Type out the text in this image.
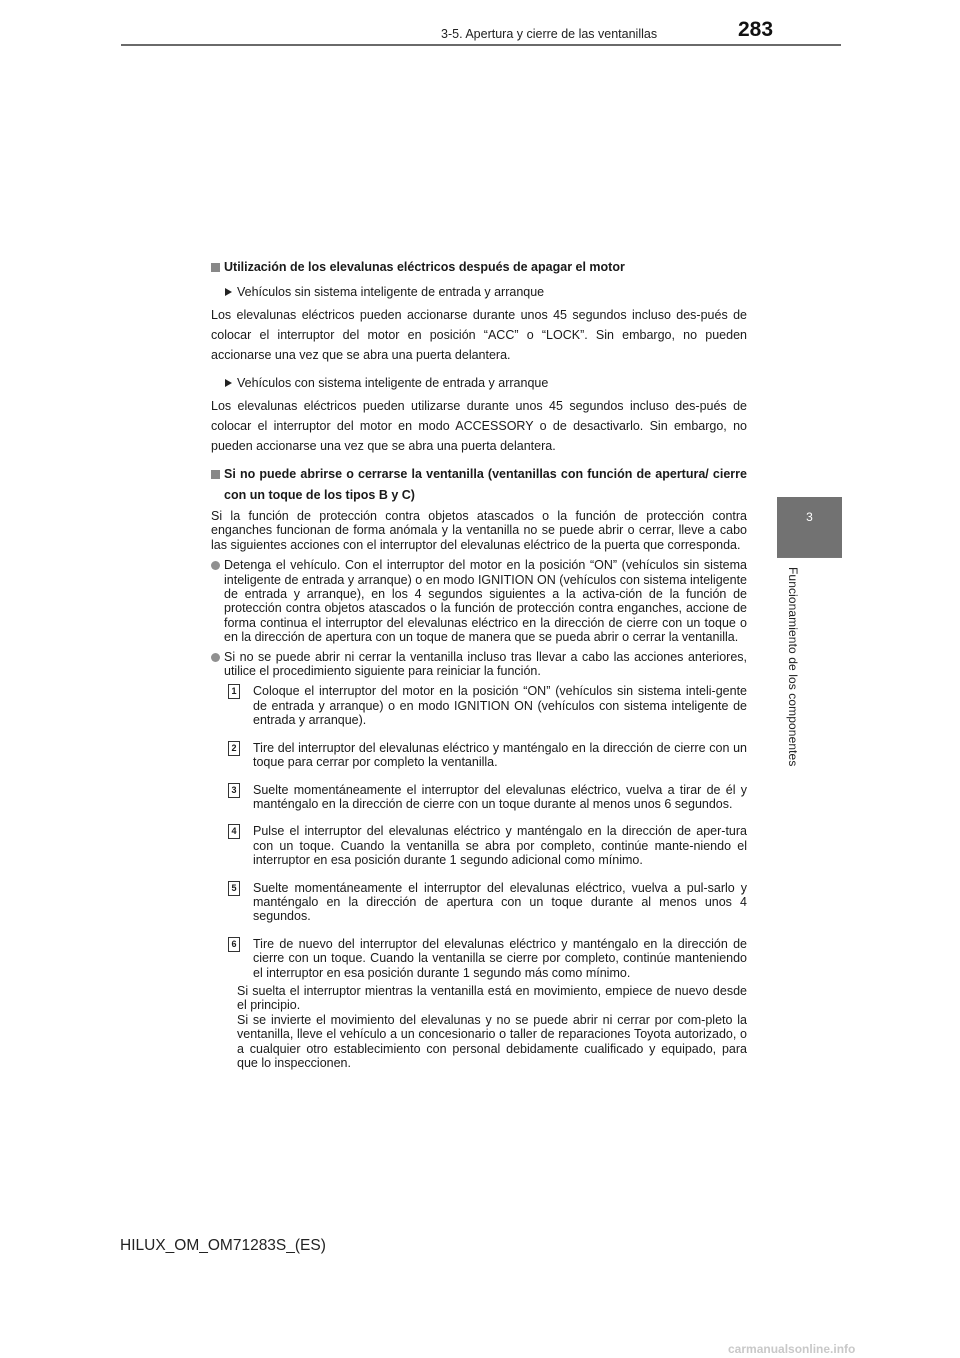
3-5. Apertura y cierre de las ventanillas	283
3
Funcionamiento de los componentes
Utilización de los elevalunas eléctricos después de apagar el motor
Vehículos sin sistema inteligente de entrada y arranque
Los elevalunas eléctricos pueden accionarse durante unos 45 segundos incluso des-pués de colocar el interruptor del motor en posición “ACC” o “LOCK”. Sin embargo, no pueden accionarse una vez que se abra una puerta delantera.
Vehículos con sistema inteligente de entrada y arranque
Los elevalunas eléctricos pueden utilizarse durante unos 45 segundos incluso des-pués de colocar el interruptor del motor en modo ACCESSORY o de desactivarlo. Sin embargo, no pueden accionarse una vez que se abra una puerta delantera.
Si no puede abrirse o cerrarse la ventanilla (ventanillas con función de apertura/ cierre con un toque de los tipos B y C)
Si la función de protección contra objetos atascados o la función de protección contra enganches funcionan de forma anómala y la ventanilla no se puede abrir o cerrar, lleve a cabo las siguientes acciones con el interruptor del elevalunas eléctrico de la puerta que corresponda.
Detenga el vehículo. Con el interruptor del motor en la posición “ON” (vehículos sin sistema inteligente de entrada y arranque) o en modo IGNITION ON (vehículos con sistema inteligente de entrada y arranque), en los 4 segundos siguientes a la activa-ción de la función de protección contra objetos atascados o la función de protección contra enganches, accione de forma continua el interruptor del elevalunas eléctrico en la dirección de cierre con un toque o en la dirección de apertura con un toque de manera que se pueda abrir o cerrar la ventanilla.
Si no se puede abrir ni cerrar la ventanilla incluso tras llevar a cabo las acciones anteriores, utilice el procedimiento siguiente para reiniciar la función.
1 Coloque el interruptor del motor en la posición “ON” (vehículos sin sistema inteli-gente de entrada y arranque) o en modo IGNITION ON (vehículos con sistema inteligente de entrada y arranque).
2 Tire del interruptor del elevalunas eléctrico y manténgalo en la dirección de cierre con un toque para cerrar por completo la ventanilla.
3 Suelte momentáneamente el interruptor del elevalunas eléctrico, vuelva a tirar de él y manténgalo en la dirección de cierre con un toque durante al menos unos 6 segundos.
4 Pulse el interruptor del elevalunas eléctrico y manténgalo en la dirección de aper-tura con un toque. Cuando la ventanilla se abra por completo, continúe mante-niendo el interruptor en esa posición durante 1 segundo adicional como mínimo.
5 Suelte momentáneamente el interruptor del elevalunas eléctrico, vuelva a pul-sarlo y manténgalo en la dirección de apertura con un toque durante al menos unos 4 segundos.
6 Tire de nuevo del interruptor del elevalunas eléctrico y manténgalo en la dirección de cierre con un toque. Cuando la ventanilla se cierre por completo, continúe manteniendo el interruptor en esa posición durante 1 segundo más como mínimo.
Si suelta el interruptor mientras la ventanilla está en movimiento, empiece de nuevo desde el principio.
Si se invierte el movimiento del elevalunas y no se puede abrir ni cerrar por com-pleto la ventanilla, lleve el vehículo a un concesionario o taller de reparaciones Toyota autorizado, o a cualquier otro establecimiento con personal debidamente cualificado y equipado, para que lo inspeccionen.
HILUX_OM_OM71283S_(ES)
carmanualsonline.info
